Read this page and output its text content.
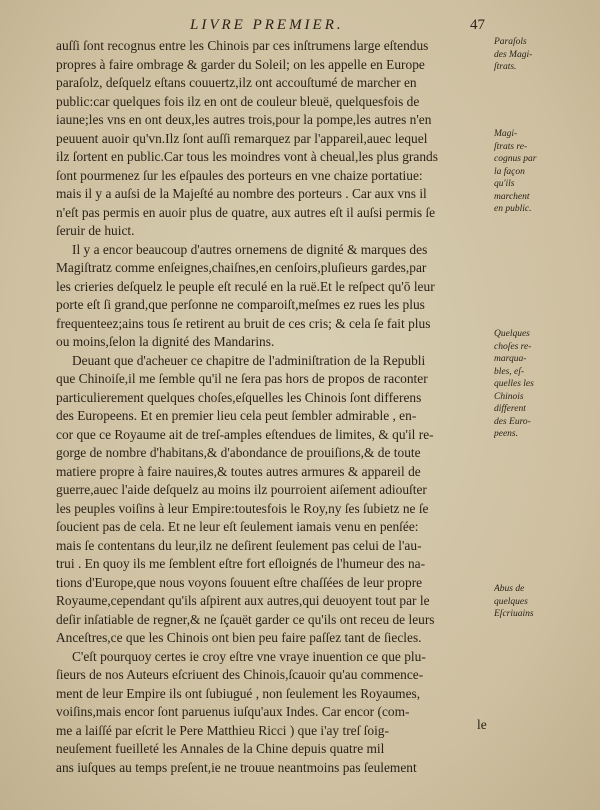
LIVRE PREMIER.	47
auſſi ſont recognus entre les Chinois par ces inſtrumens large eſtendus
propres à faire ombrage & garder du Soleil; on les appelle en Europe
paraſolz, deſquelz eſtans couuertz,ilz ont accouſtumé de marcher en
public:car quelques fois ilz en ont de couleur bleuë, quelquesfois de
iaune;les vns en ont deux,les autres trois,pour la pompe,les autres n'en
peuuent auoir qu'vn.Ilz ſont auſſi remarquez par l'appareil,auec lequel
ilz ſortent en public.Car tous les moindres vont à cheual,les plus grands
ſont pourmenez ſur les eſpaules des porteurs en vne chaize portatiue:
mais il y a auſsi de la Majeſté au nombre des porteurs . Car aux vns il
n'eſt pas permis en auoir plus de quatre, aux autres eſt il auſsi permis ſe
ſeruir de huict.
Il y a encor beaucoup d'autres ornemens de dignité & marques des
Magiſtratz comme enſeignes,chaiſnes,en cenſoirs,pluſieurs gardes,par
les crieries deſquelz le peuple eſt reculé en la ruë.Et le reſpect qu'ō leur
porte eſt ſi grand,que perſonne ne comparoiſt,meſmes ez rues les plus
frequenteez;ains tous ſe retirent au bruit de ces cris; & cela ſe fait plus
ou moins,ſelon la dignité des Mandarins.
Deuant que d'acheuer ce chapitre de l'adminiſtration de la Republi
que Chinoiſe,il me ſemble qu'il ne ſera pas hors de propos de raconter
particulierement quelques choſes,eſquelles les Chinois ſont differens
des Europeens. Et en premier lieu cela peut ſembler admirable , en-
cor que ce Royaume ait de treſ-amples eſtendues de limites, & qu'il re-
gorge de nombre d'habitans,& d'abondance de prouiſions,& de toute
matiere propre à faire nauires,& toutes autres armures & appareil de
guerre,auec l'aide deſquelz au moins ilz pourroient aiſement adiouſter
les peuples voiſins à leur Empire:toutesfois le Roy,ny ſes ſubietz ne ſe
ſoucient pas de cela. Et ne leur eſt ſeulement iamais venu en penſée:
mais ſe contentans du leur,ilz ne deſirent ſeulement pas celui de l'au-
trui . En quoy ils me ſemblent eſtre fort eſloignés de l'humeur des na-
tions d'Europe,que nous voyons ſouuent eſtre chaſſées de leur propre
Royaume,cependant qu'ils aſpirent aux autres,qui deuoyent tout par le
deſir inſatiable de regner,& ne ſçauët garder ce qu'ils ont receu de leurs
Anceſtres,ce que les Chinois ont bien peu faire paſſez tant de ſiecles.
C'eſt pourquoy certes ie croy eſtre vne vraye inuention ce que plu-
ſieurs de nos Auteurs eſcriuent des Chinois,ſcauoir qu'au commence-
ment de leur Empire ils ont ſubiugué , non ſeulement les Royaumes,
voiſins,mais encor ſont paruenus iuſqu'aux Indes. Car encor (com-
me a laiſſé par eſcrit le Pere Matthieu Ricci ) que i'ay treſ ſoig-
neuſement fueilleté les Annales de la Chine depuis quatre mil
ans iuſques au temps preſent,ie ne trouue neantmoins pas ſeulement
le
Paraſols
des Magi-
ſtrats.
Magi-
ſtrats re-
cognus par
la façon
qu'ils
marchent
en public.
Quelques
choſes re-
marqua-
bles, eſ-
quelles les
Chinois
different
des Euro-
peens.
Abus de
quelques
Eſcriuains
